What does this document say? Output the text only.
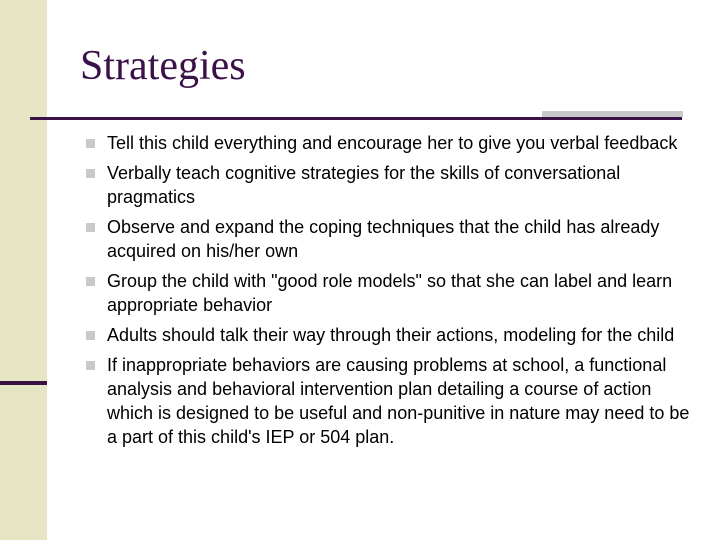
Strategies
Tell this child everything and encourage her to give you verbal feedback
Verbally teach cognitive strategies for the skills of conversational pragmatics
Observe and expand the coping techniques that the child has already acquired on his/her own
Group the child with "good role models" so that she can label and learn appropriate behavior
Adults should talk their way through their actions, modeling for the child
If inappropriate behaviors are causing problems at school, a functional analysis and behavioral intervention plan detailing a course of action which is designed to be useful and non-punitive in nature may need to be a part of this child's IEP or 504 plan.
